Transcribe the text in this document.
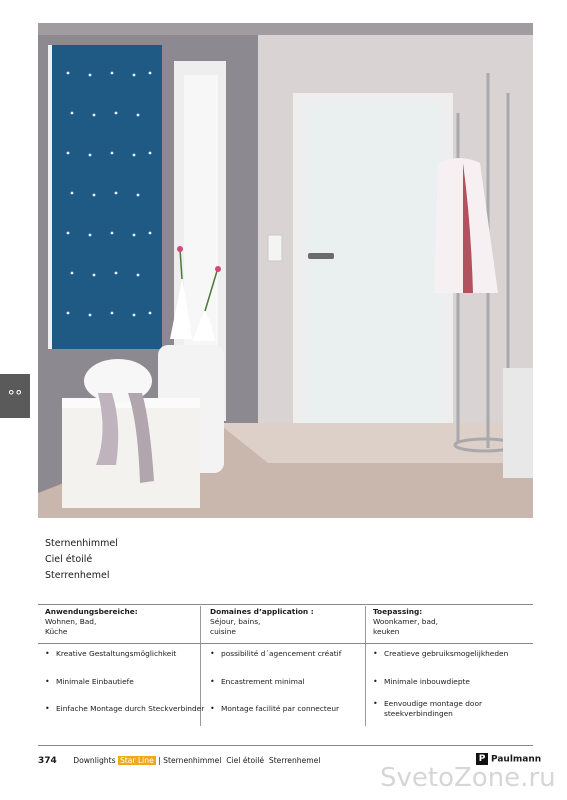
°°
Sternenhimmel
Ciel étoilé
Sterrenhemel
Anwendungsbereiche:
Wohnen, Bad,
Küche
Domaines d’application :
Séjour, bains,
cuisine
Toepassing:
Woonkamer, bad,
keuken
• Kreative Gestaltungsmöglichkeit
• Minimale Einbautiefe
• Einfache Montage durch Steckverbinder
• possibilité d´agencement créatif
• Encastrement minimal
• Montage facilité par connecteur
• Creatieve gebruiksmogelijkheden
• Minimale inbouwdiepte
• Eenvoudige montage door steekverbindingen
374 Downlights Star Line | Sternenhimmel  Ciel étoilé  Sterrenhemel	P Paulmann
SvetoZone.ru
